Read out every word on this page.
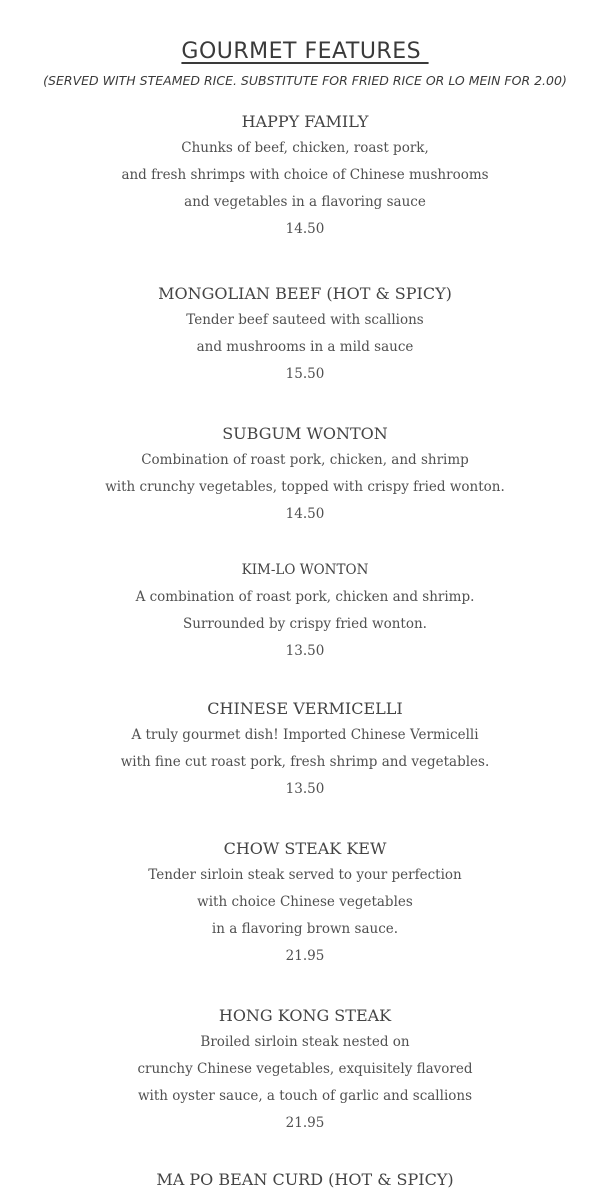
GOURMET FEATURES
(SERVED WITH STEAMED RICE. SUBSTITUTE FOR FRIED RICE OR LO MEIN FOR 2.00)
HAPPY FAMILY
Chunks of beef, chicken, roast pork,
and fresh shrimps with choice of Chinese mushrooms
and vegetables in a flavoring sauce
14.50
MONGOLIAN BEEF (HOT & SPICY)
Tender beef sauteed with scallions
and mushrooms in a mild sauce
15.50
SUBGUM WONTON
Combination of roast pork, chicken, and shrimp
with crunchy vegetables, topped with crispy fried wonton.
14.50
KIM-LO WONTON
A combination of roast pork, chicken and shrimp.
Surrounded by crispy fried wonton.
13.50
CHINESE VERMICELLI
A truly gourmet dish! Imported Chinese Vermicelli
with fine cut roast pork, fresh shrimp and vegetables.
13.50
CHOW STEAK KEW
Tender sirloin steak served to your perfection
with choice Chinese vegetables
in a flavoring brown sauce.
21.95
HONG KONG STEAK
Broiled sirloin steak nested on
crunchy Chinese vegetables, exquisitely flavored
with oyster sauce, a touch of garlic and scallions
21.95
MA PO BEAN CURD (HOT & SPICY)
